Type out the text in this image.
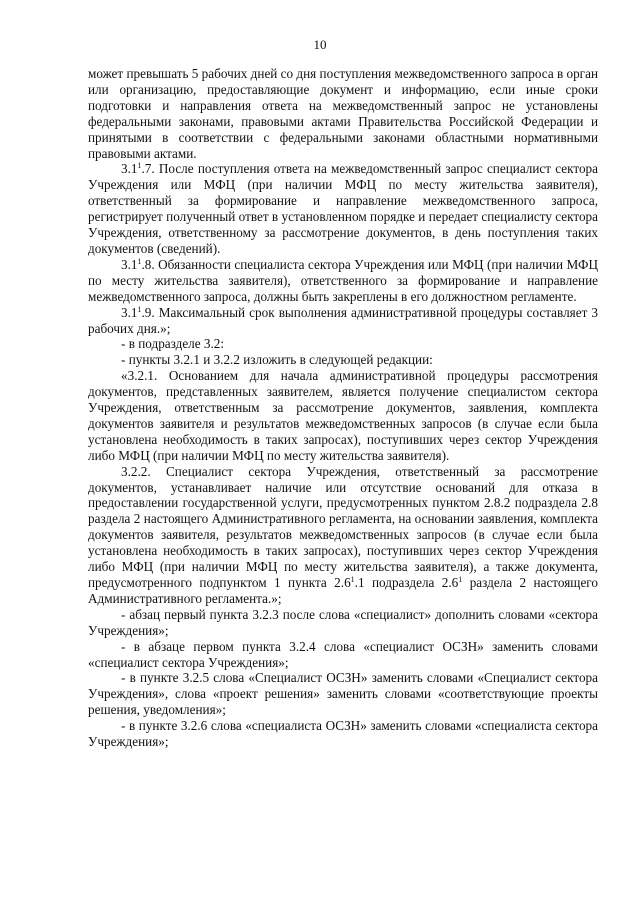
10

может превышать 5 рабочих дней со дня поступления межведомственного запроса в орган или организацию, предоставляющие документ и информацию, если иные сроки подготовки и направления ответа на межведомственный запрос не установлены федеральными законами, правовыми актами Правительства Российской Федерации и принятыми в соответствии с федеральными законами областными нормативными правовыми актами.

$3.1^1.7$. После поступления ответа на межведомственный запрос специалист сектора Учреждения или МФЦ (при наличии МФЦ по месту жительства заявителя), ответственный за формирование и направление межведомственного запроса, регистрирует полученный ответ в установленном порядке и передает специалисту сектора Учреждения, ответственному за рассмотрение документов, в день поступления таких документов (сведений).

$3.1^1.8$. Обязанности специалиста сектора Учреждения или МФЦ (при наличии МФЦ по месту жительства заявителя), ответственного за формирование и направление межведомственного запроса, должны быть закреплены в его должностном регламенте.

$3.1^1.9$. Максимальный срок выполнения административной процедуры составляет 3 рабочих дня.»;

- в подразделе 3.2:

- пункты 3.2.1 и 3.2.2 изложить в следующей редакции:

«3.2.1. Основанием для начала административной процедуры рассмотрения документов, представленных заявителем, является получение специалистом сектора Учреждения, ответственным за рассмотрение документов, заявления, комплекта документов заявителя и результатов межведомственных запросов (в случае если была установлена необходимость в таких запросах), поступивших через сектор Учреждения либо МФЦ (при наличии МФЦ по месту жительства заявителя).

3.2.2. Специалист сектора Учреждения, ответственный за рассмотрение документов, устанавливает наличие или отсутствие оснований для отказа в предоставлении государственной услуги, предусмотренных пунктом 2.8.2 подраздела 2.8 раздела 2 настоящего Административного регламента, на основании заявления, комплекта документов заявителя, результатов межведомственных запросов (в случае если была установлена необходимость в таких запросах), поступивших через сектор Учреждения либо МФЦ (при наличии МФЦ по месту жительства заявителя), а также документа, предусмотренного подпунктом 1 пункта $2.6^1.1$ подраздела $2.6^1$ раздела 2 настоящего Административного регламента.»;

- абзац первый пункта 3.2.3 после слова «специалист» дополнить словами «сектора Учреждения»;

- в абзаце первом пункта 3.2.4 слова «специалист ОСЗН» заменить словами «специалист сектора Учреждения»;

- в пункте 3.2.5 слова «Специалист ОСЗН» заменить словами «Специалист сектора Учреждения», слова «проект решения» заменить словами «соответствующие проекты решения, уведомления»;

- в пункте 3.2.6 слова «специалиста ОСЗН» заменить словами «специалиста сектора Учреждения»;
